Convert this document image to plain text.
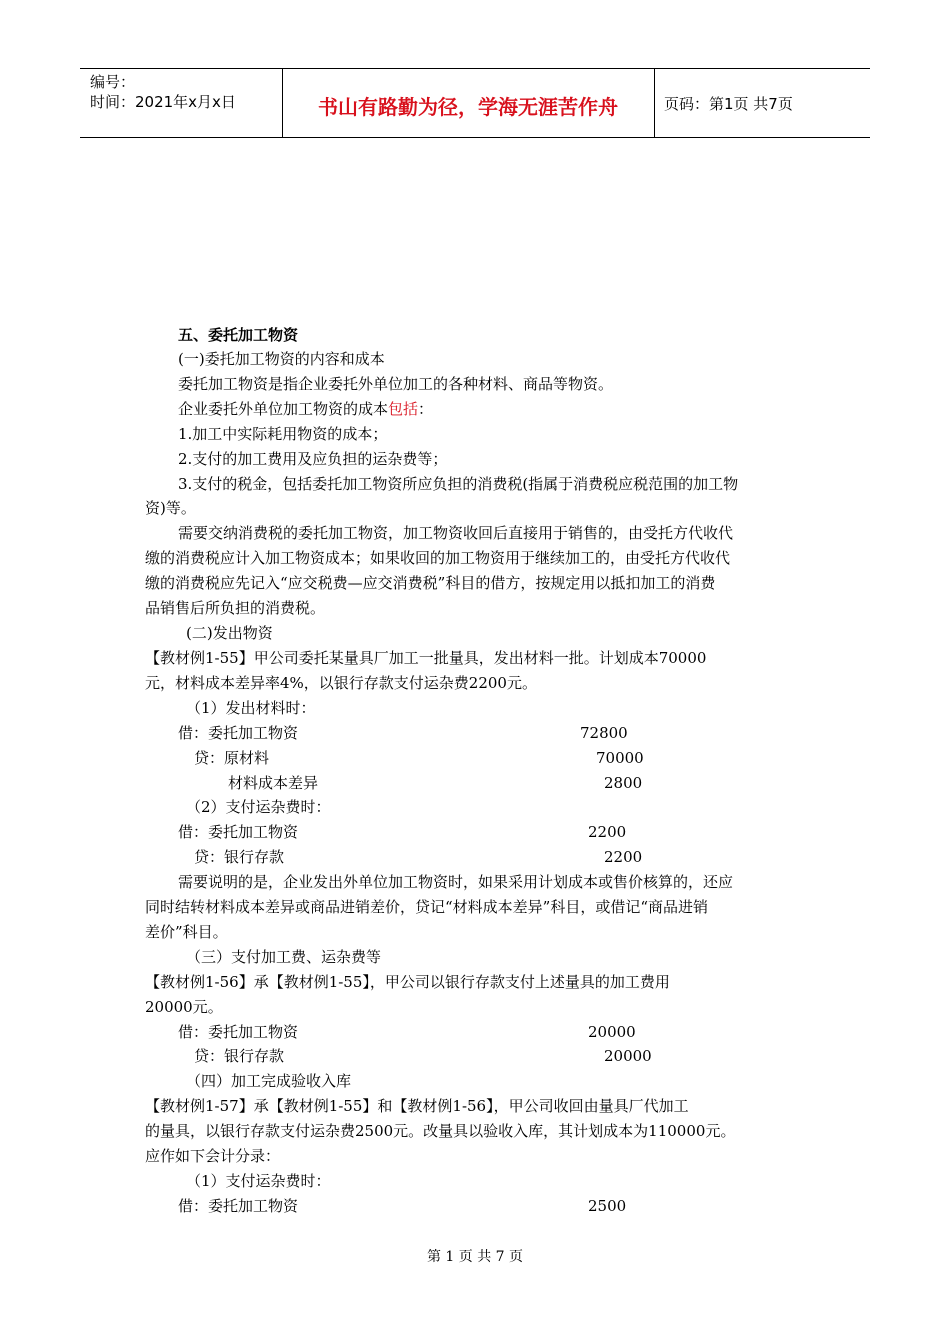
编号：
时间：2021年x月x日	书山有路勤为径，学海无涯苦作舟	页码：第1页 共7页
五、委托加工物资
(一)委托加工物资的内容和成本
委托加工物资是指企业委托外单位加工的各种材料、商品等物资。
企业委托外单位加工物资的成本包括：
1.加工中实际耗用物资的成本；
2.支付的加工费用及应负担的运杂费等；
3.支付的税金，包括委托加工物资所应负担的消费税(指属于消费税应税范围的加工物
资)等。
需要交纳消费税的委托加工物资，加工物资收回后直接用于销售的，由受托方代收代
缴的消费税应计入加工物资成本；如果收回的加工物资用于继续加工的，由受托方代收代
缴的消费税应先记入“应交税费—应交消费税”科目的借方，按规定用以抵扣加工的消费
品销售后所负担的消费税。
(二)发出物资
【教材例1-55】甲公司委托某量具厂加工一批量具，发出材料一批。计划成本70000
元，材料成本差异率4%，以银行存款支付运杂费2200元。
（1）发出材料时：
借：委托加工物资	72800
贷：原材料	70000
材料成本差异	2800
（2）支付运杂费时：
借：委托加工物资	2200
贷：银行存款	2200
需要说明的是，企业发出外单位加工物资时，如果采用计划成本或售价核算的，还应
同时结转材料成本差异或商品进销差价，贷记“材料成本差异”科目，或借记“商品进销
差价”科目。
（三）支付加工费、运杂费等
【教材例1-56】承【教材例1-55】，甲公司以银行存款支付上述量具的加工费用
20000元。
借：委托加工物资	20000
贷：银行存款	20000
（四）加工完成验收入库
【教材例1-57】承【教材例1-55】和【教材例1-56】，甲公司收回由量具厂代加工
的量具，以银行存款支付运杂费2500元。改量具以验收入库，其计划成本为110000元。
应作如下会计分录：
（1）支付运杂费时：
借：委托加工物资	2500
第 1 页 共 7 页
